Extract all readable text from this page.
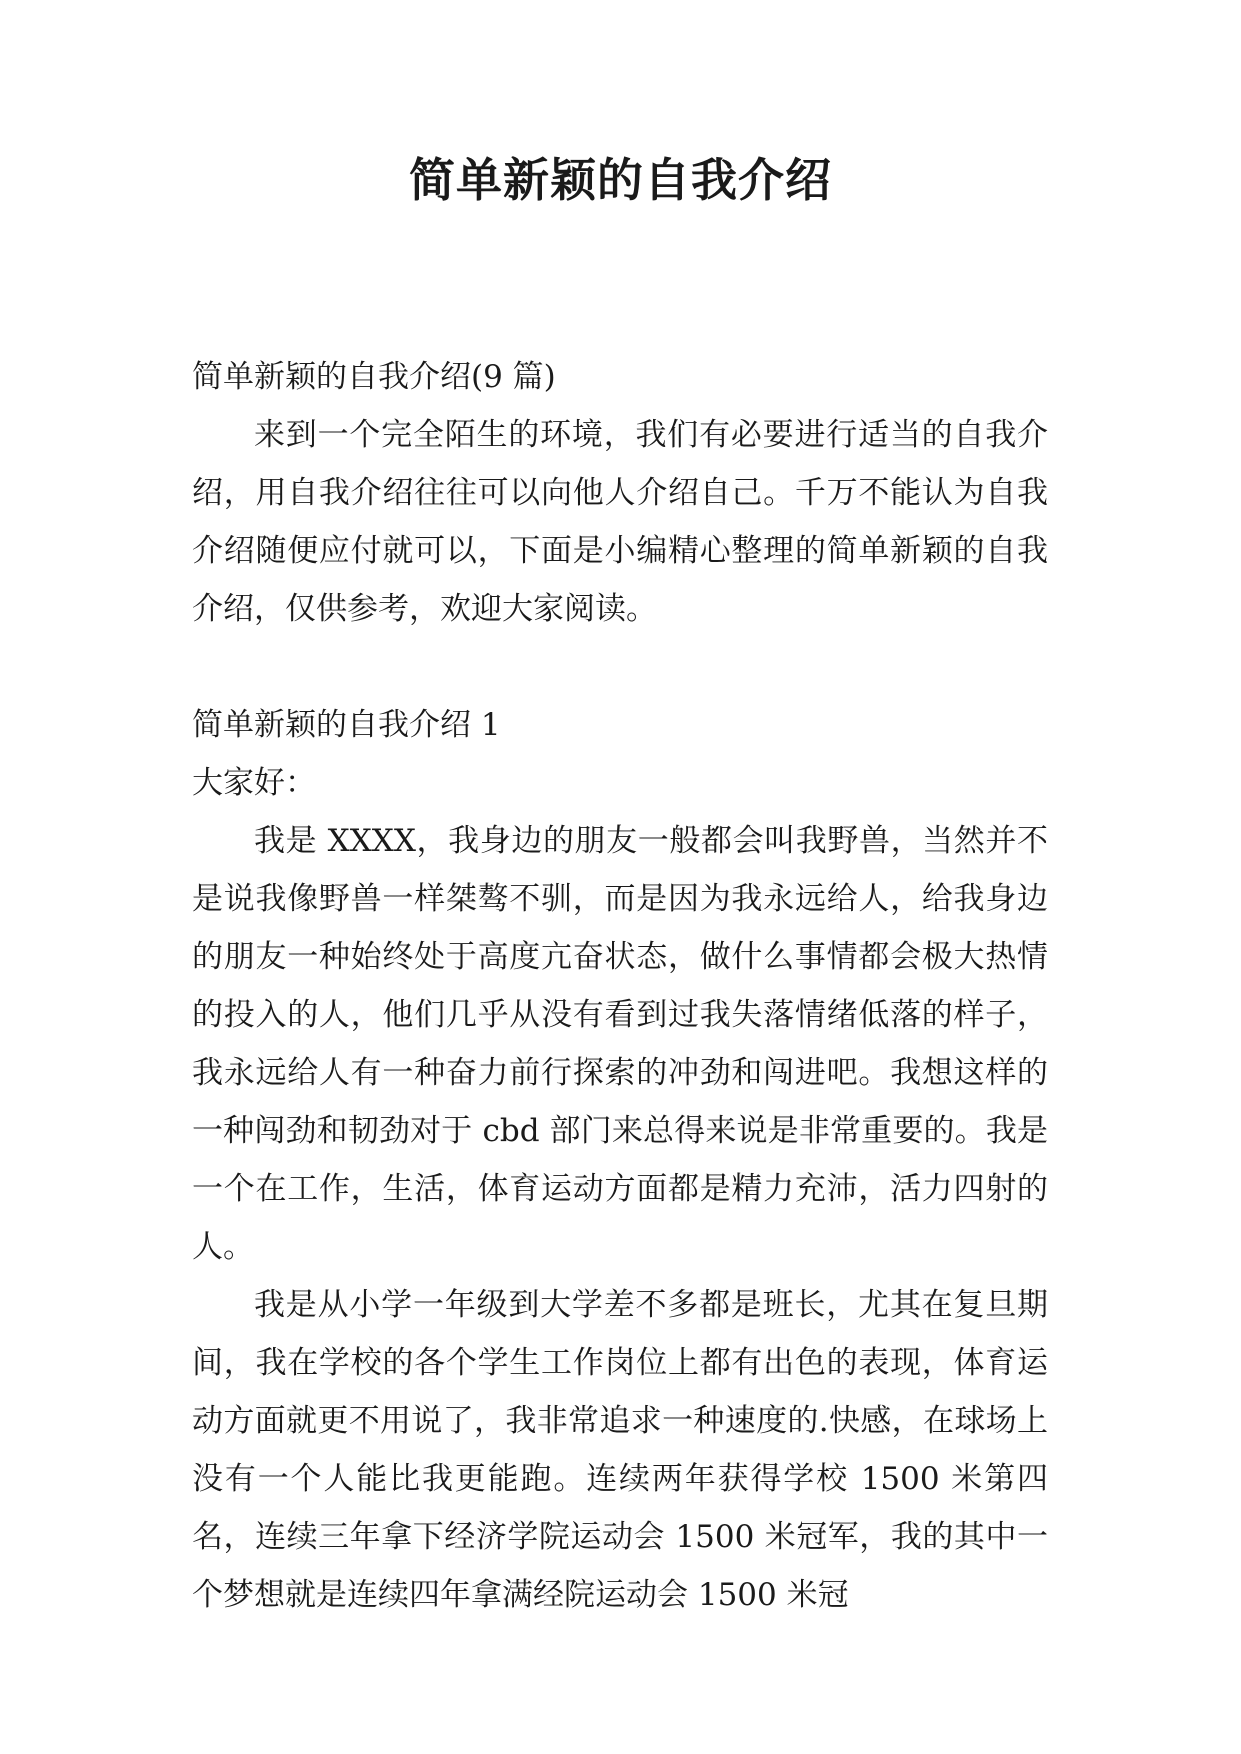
简单新颖的自我介绍

简单新颖的自我介绍(9 篇)

来到一个完全陌生的环境，我们有必要进行适当的自我介绍，用自我介绍往往可以向他人介绍自己。千万不能认为自我介绍随便应付就可以，下面是小编精心整理的简单新颖的自我介绍，仅供参考，欢迎大家阅读。

简单新颖的自我介绍 1

大家好：

我是 XXXX，我身边的朋友一般都会叫我野兽，当然并不是说我像野兽一样桀骜不驯，而是因为我永远给人，给我身边的朋友一种始终处于高度亢奋状态，做什么事情都会极大热情的投入的人，他们几乎从没有看到过我失落情绪低落的样子，我永远给人有一种奋力前行探索的冲劲和闯进吧。我想这样的一种闯劲和韧劲对于 cbd 部门来总得来说是非常重要的。我是一个在工作，生活，体育运动方面都是精力充沛，活力四射的人。

我是从小学一年级到大学差不多都是班长，尤其在复旦期间，我在学校的各个学生工作岗位上都有出色的表现，体育运动方面就更不用说了，我非常追求一种速度的.快感，在球场上没有一个人能比我更能跑。连续两年获得学校 1500 米第四名，连续三年拿下经济学院运动会 1500 米冠军，我的其中一个梦想就是连续四年拿满经院运动会 1500 米冠
